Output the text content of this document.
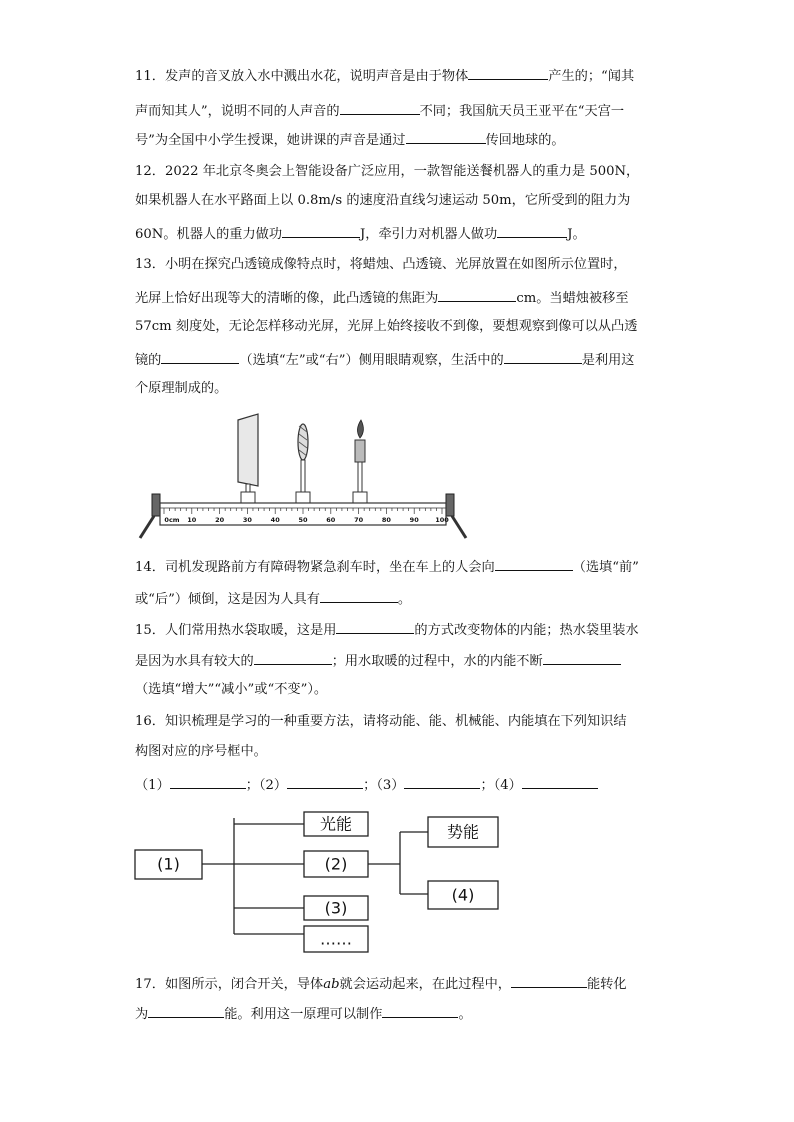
11．发声的音叉放入水中溅出水花，说明声音是由于物体	产生的；“闻其
声而知其人”，说明不同的人声音的	不同；我国航天员王亚平在“天宫一
号”为全国中小学生授课，她讲课的声音是通过	传回地球的。
12．2022 年北京冬奥会上智能设备广泛应用，一款智能送餐机器人的重力是 500N，
如果机器人在水平路面上以 0.8m/s 的速度沿直线匀速运动 50m，它所受到的阻力为
60N。机器人的重力做功	J，牵引力对机器人做功	J。
13．小明在探究凸透镜成像特点时，将蜡烛、凸透镜、光屏放置在如图所示位置时，
光屏上恰好出现等大的清晰的像，此凸透镜的焦距为	cm。当蜡烛被移至
57cm 刻度处，无论怎样移动光屏，光屏上始终接收不到像，要想观察到像可以从凸透
镜的	（选填“左”或“右”）侧用眼睛观察，生活中的	是利用这
个原理制成的。
0cm 10	20	30	40	50	60	70	80	90	100
14．司机发现路前方有障碍物紧急刹车时，坐在车上的人会向	（选填“前”
或“后”）倾倒，这是因为人具有	。
15．人们常用热水袋取暖，这是用	的方式改变物体的内能；热水袋里装水
是因为水具有较大的	；用水取暖的过程中，水的内能不断
（选填“增大”“减小”或“不变”）。
16．知识梳理是学习的一种重要方法，请将动能、能、机械能、内能填在下列知识结
构图对应的序号框中。
（1）	；（2）	；（3）	；（4）
(1)
光能
(2)
(3)
……
势能
(4)
17．如图所示，闭合开关，导体ab就会运动起来，在此过程中，	能转化
为	能。利用这一原理可以制作	。
